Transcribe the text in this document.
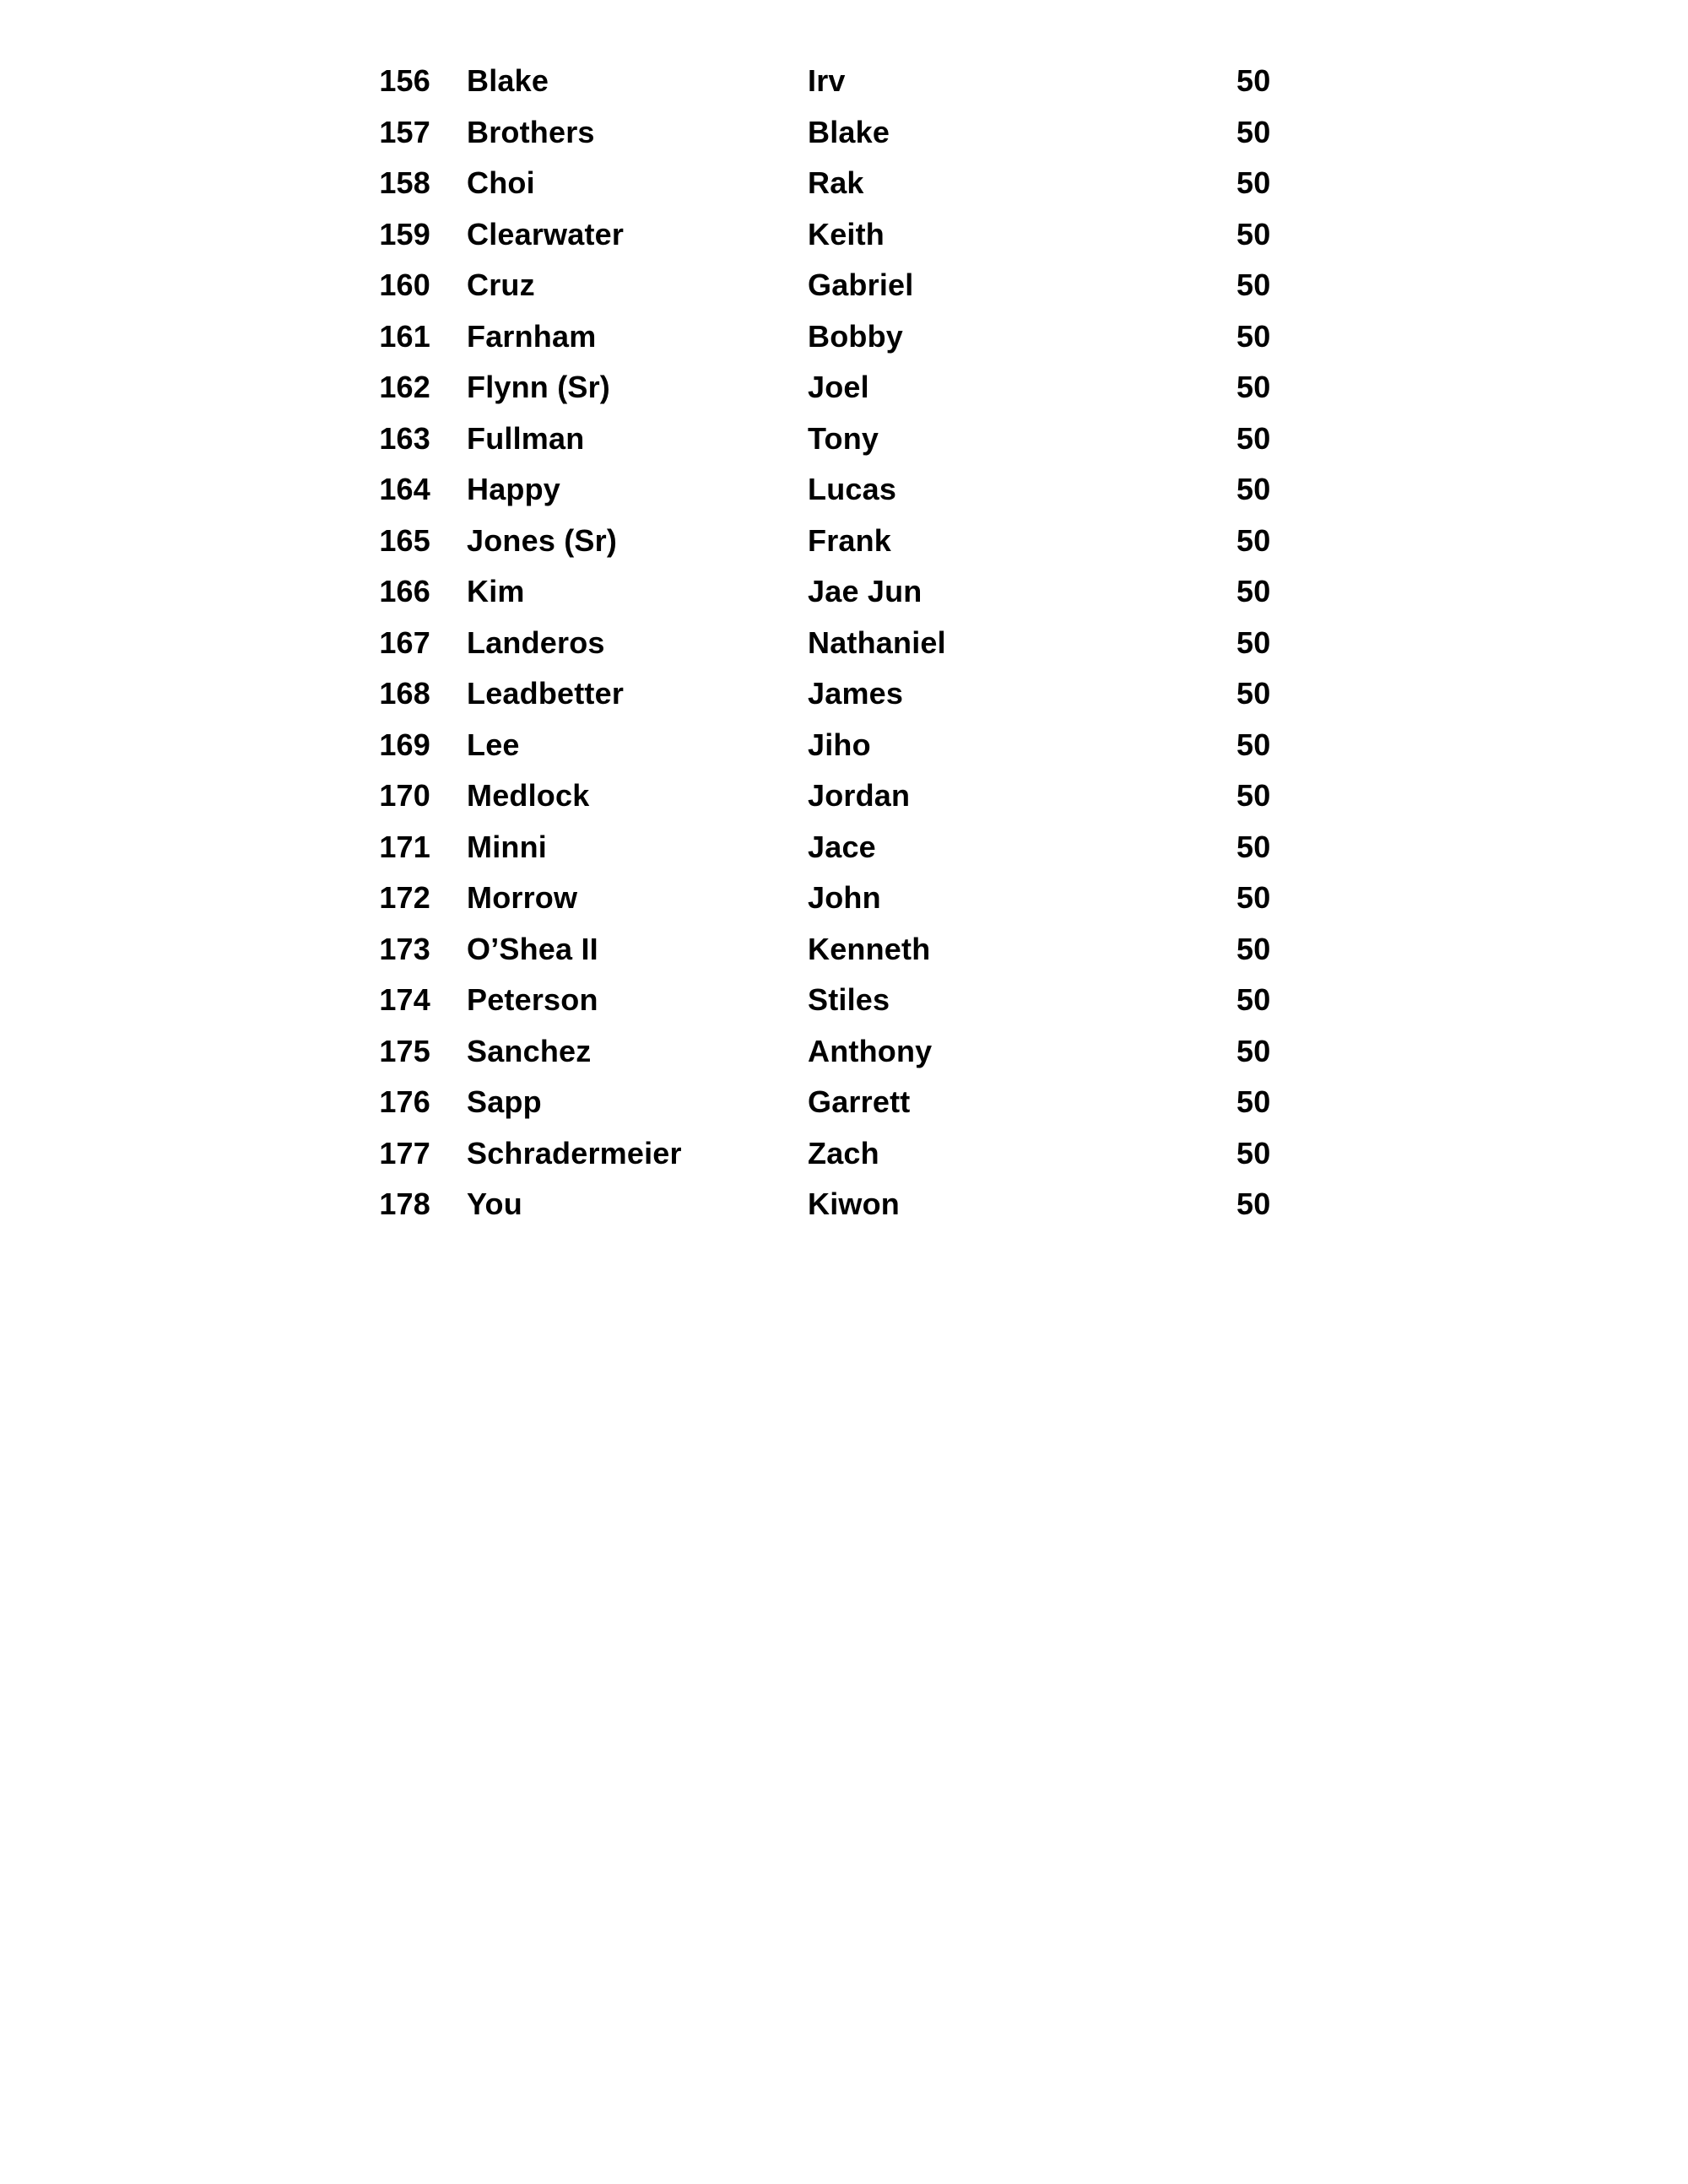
156	Blake	Irv	50
157	Brothers	Blake	50
158	Choi	Rak	50
159	Clearwater	Keith	50
160	Cruz	Gabriel	50
161	Farnham	Bobby	50
162	Flynn (Sr)	Joel	50
163	Fullman	Tony	50
164	Happy	Lucas	50
165	Jones (Sr)	Frank	50
166	Kim	Jae Jun	50
167	Landeros	Nathaniel	50
168	Leadbetter	James	50
169	Lee	Jiho	50
170	Medlock	Jordan	50
171	Minni	Jace	50
172	Morrow	John	50
173	O’Shea II	Kenneth	50
174	Peterson	Stiles	50
175	Sanchez	Anthony	50
176	Sapp	Garrett	50
177	Schradermeier	Zach	50
178	You	Kiwon	50
